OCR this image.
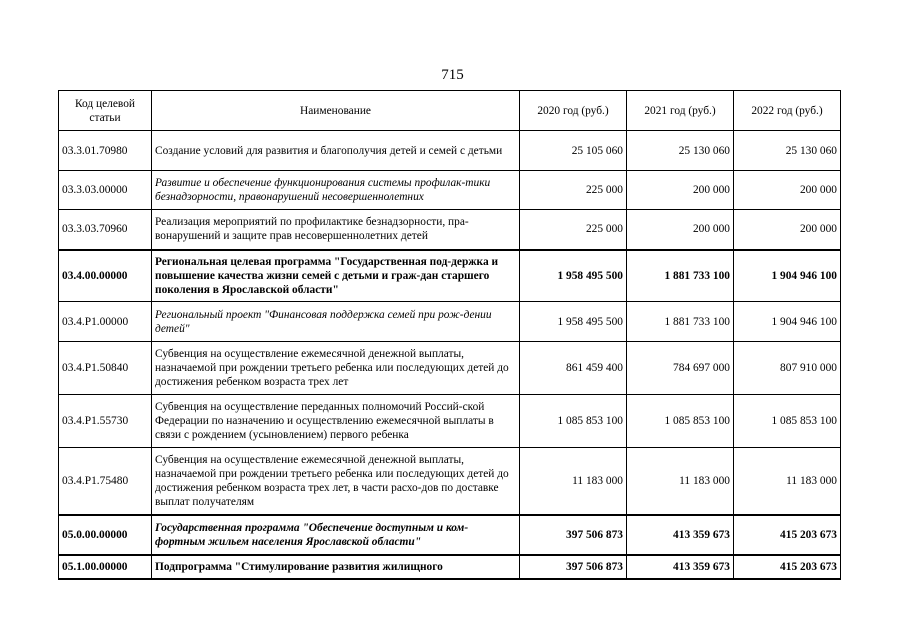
715
Код целевой статьи	Наименование	2020 год (руб.)	2021 год (руб.)	2022 год (руб.)
03.3.01.70980	Создание условий для развития и благополучия детей и семей с детьми	25 105 060	25 130 060	25 130 060
03.3.03.00000	Развитие и обеспечение функционирования системы профилак-тики безнадзорности, правонарушений несовершеннолетних	225 000	200 000	200 000
03.3.03.70960	Реализация мероприятий по профилактике безнадзорности, пра-вонарушений и защите прав несовершеннолетних детей	225 000	200 000	200 000
03.4.00.00000	Региональная целевая программа "Государственная под-держка и повышение качества жизни семей с детьми и граж-дан старшего поколения в Ярославской области"	1 958 495 500	1 881 733 100	1 904 946 100
03.4.P1.00000	Региональный проект "Финансовая поддержка семей при рож-дении детей"	1 958 495 500	1 881 733 100	1 904 946 100
03.4.P1.50840	Субвенция на осуществление ежемесячной денежной выплаты, назначаемой при рождении третьего ребенка или последующих детей до достижения ребенком возраста трех лет	861 459 400	784 697 000	807 910 000
03.4.P1.55730	Субвенция на осуществление переданных полномочий Россий-ской Федерации по назначению и осуществлению ежемесячной выплаты в связи с рождением (усыновлением) первого ребенка	1 085 853 100	1 085 853 100	1 085 853 100
03.4.P1.75480	Субвенция на осуществление ежемесячной денежной выплаты, назначаемой при рождении третьего ребенка или последующих детей до достижения ребенком возраста трех лет, в части расхо-дов по доставке выплат получателям	11 183 000	11 183 000	11 183 000
05.0.00.00000	Государственная программа "Обеспечение доступным и ком-фортным жильем населения Ярославской области"	397 506 873	413 359 673	415 203 673
05.1.00.00000	Подпрограмма "Стимулирование развития жилищного	397 506 873	413 359 673	415 203 673
